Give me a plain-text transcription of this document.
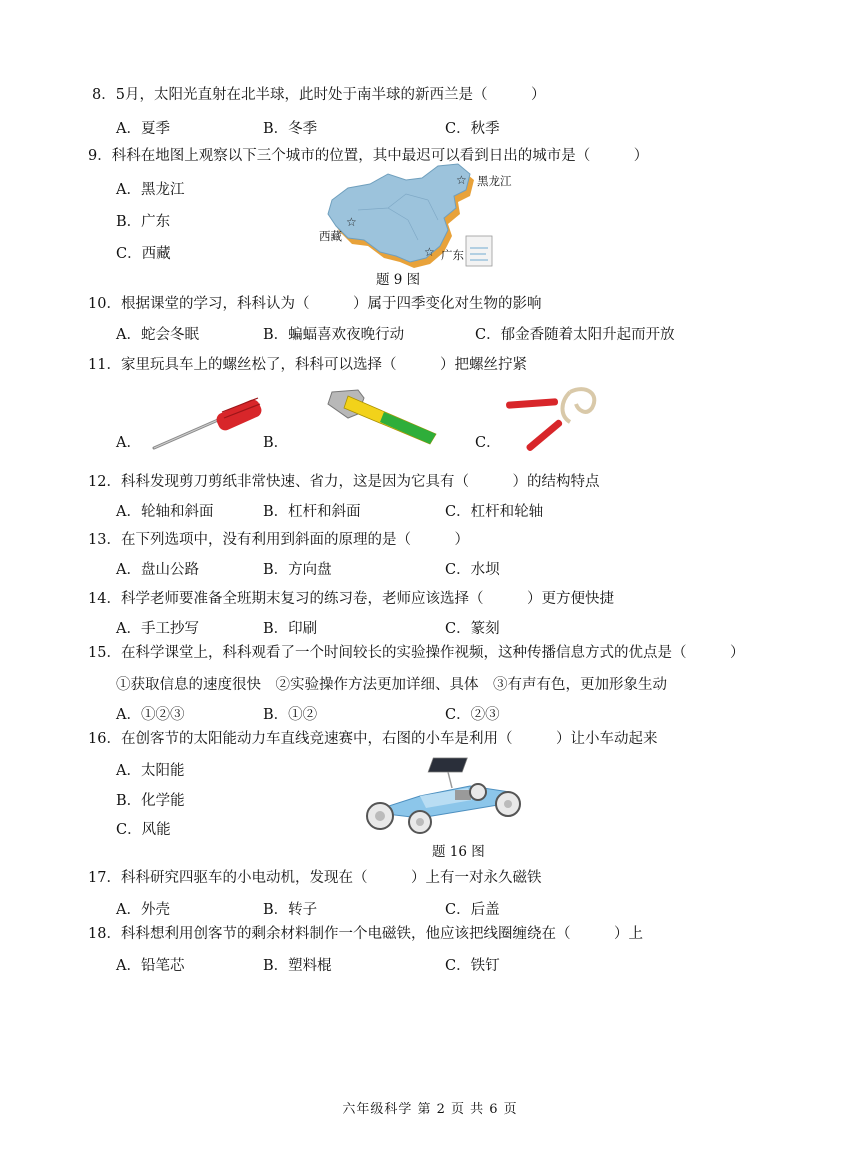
8．5月，太阳光直射在北半球，此时处于南半球的新西兰是（　　　）
A．夏季	B．冬季	C．秋季
9．科科在地图上观察以下三个城市的位置，其中最迟可以看到日出的城市是（　　　）
A．黑龙江
B．广东
C．西藏
☆
☆
☆
黑龙江
西藏
广东
题 9 图
10．根据课堂的学习，科科认为（　　　）属于四季变化对生物的影响
A．蛇会冬眠	B．蝙蝠喜欢夜晚行动	C．郁金香随着太阳升起而开放
11．家里玩具车上的螺丝松了，科科可以选择（　　　）把螺丝拧紧
A．	B．	C．
12．科科发现剪刀剪纸非常快速、省力，这是因为它具有（　　　）的结构特点
A．轮轴和斜面	B．杠杆和斜面	C．杠杆和轮轴
13．在下列选项中，没有利用到斜面的原理的是（　　　）
A．盘山公路	B．方向盘	C．水坝
14．科学老师要准备全班期末复习的练习卷，老师应该选择（　　　）更方便快捷
A．手工抄写	B．印刷	C．篆刻
15．在科学课堂上，科科观看了一个时间较长的实验操作视频，这种传播信息方式的优点是（　　　）
①获取信息的速度很快　②实验操作方法更加详细、具体　③有声有色，更加形象生动
A．①②③	B．①②	C．②③
16．在创客节的太阳能动力车直线竞速赛中，右图的小车是利用（　　　）让小车动起来
A．太阳能
B．化学能
C．风能
题 16 图
17．科科研究四驱车的小电动机，发现在（　　　）上有一对永久磁铁
A．外壳	B．转子	C．后盖
18．科科想利用创客节的剩余材料制作一个电磁铁，他应该把线圈缠绕在（　　　）上
A．铅笔芯	B．塑料棍	C．铁钉
六年级科学 第 2 页 共 6 页
